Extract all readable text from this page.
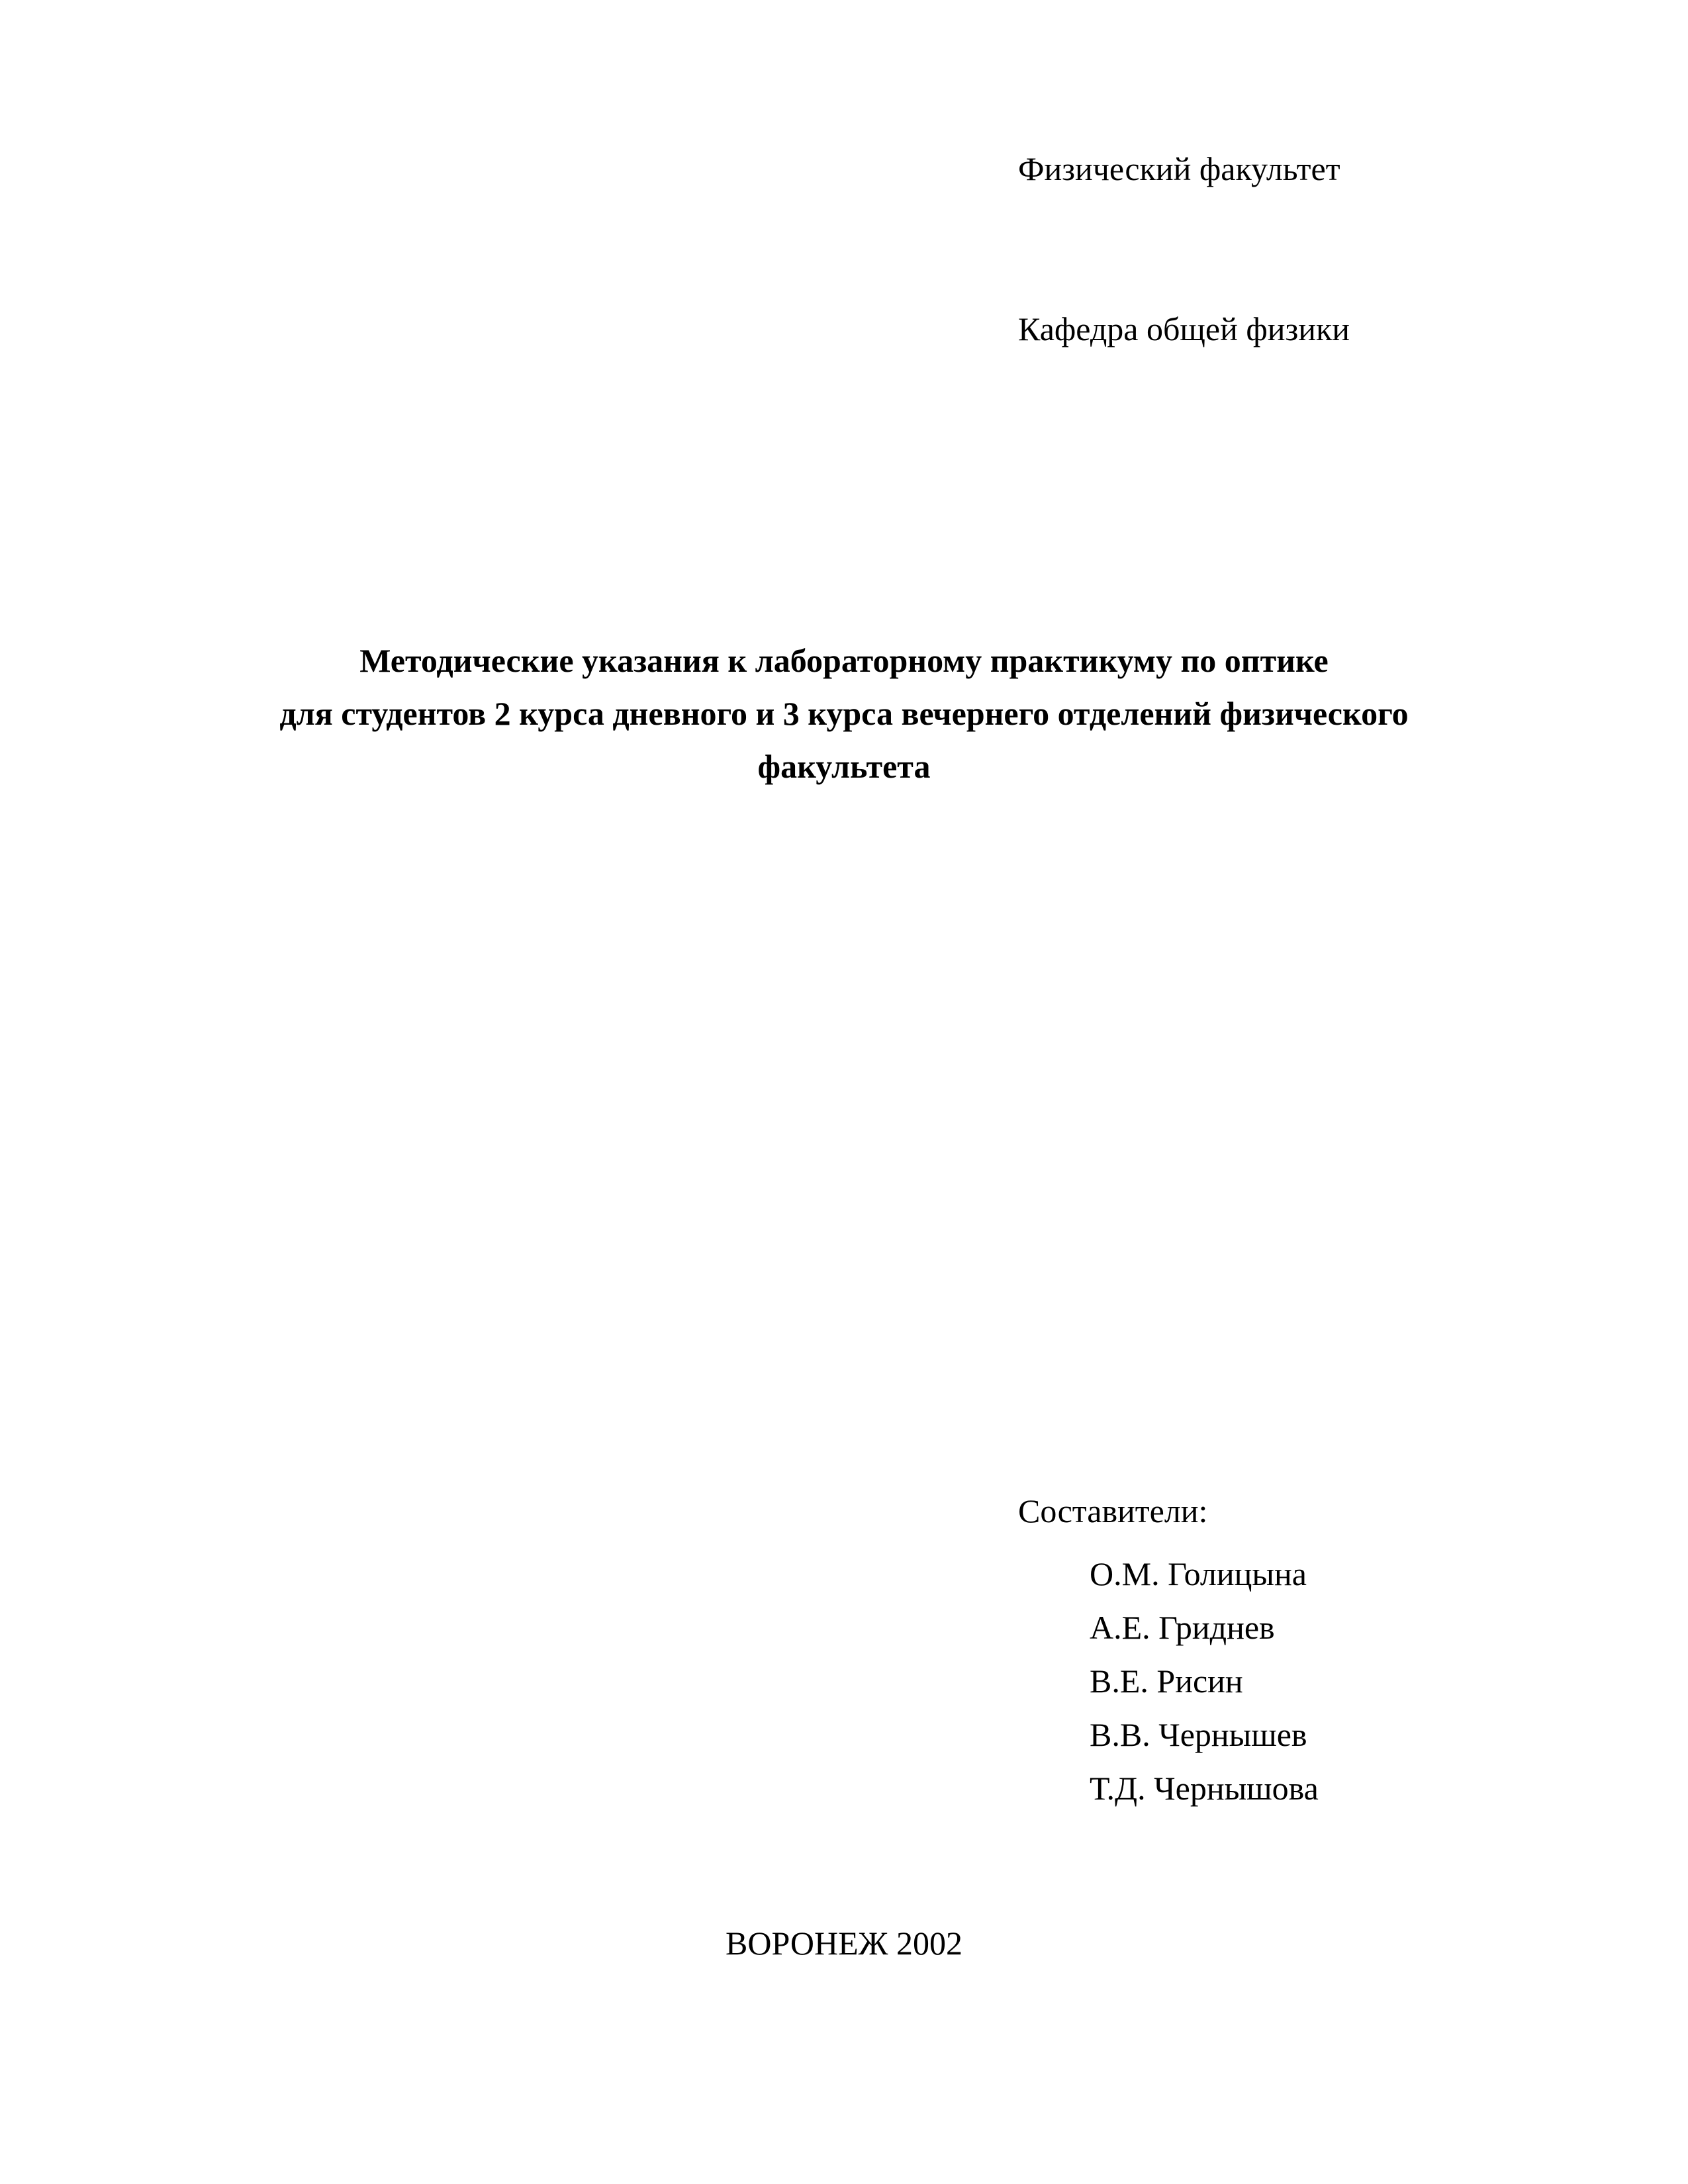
Физический факультет
Кафедра общей физики
Методические указания к лабораторному практикуму по оптике
для студентов 2 курса дневного и 3 курса вечернего отделений физического
факультета
Составители:
О.М. Голицына
А.Е. Гриднев
В.Е. Рисин
В.В. Чернышев
Т.Д. Чернышова
ВОРОНЕЖ 2002
